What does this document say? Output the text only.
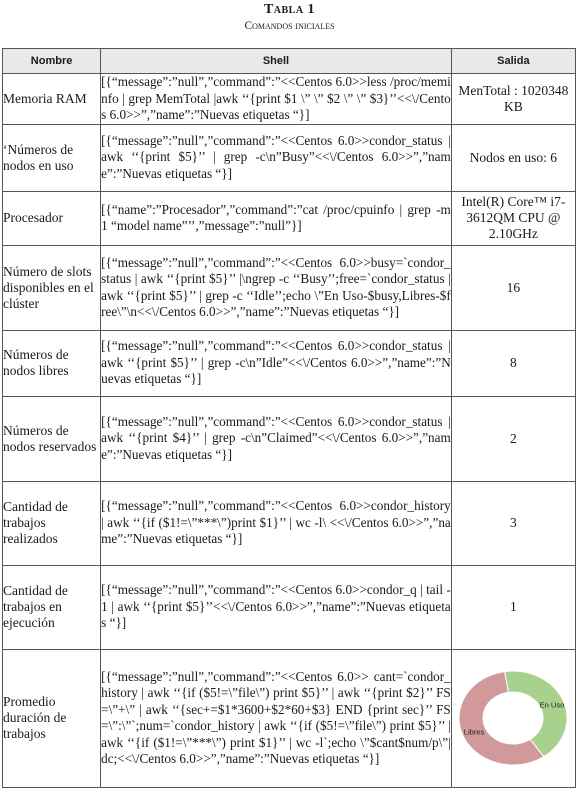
Tabla 1
Comandos iniciales
Nombre	Shell	Salida
Memoria RAM	[{“message”:”null”,”command”:”<<Centos 6.0>>less /proc/meminfo | grep MemTotal |awk ‘‘{print $1 \” \” $2 \” \” $3}’’<<\/Centos 6.0>>”,”name”:”Nuevas etiquetas “}]	MenTotal : 1020348 KB
‘Números de nodos en uso	[{“message”:”null”,”command”:”<<Centos 6.0>>condor_status | awk ‘‘{print $5}’’ | grep -c\n”Busy”<<\/Centos 6.0>>”,”name”:”Nuevas etiquetas “}]	Nodos en uso: 6
Procesador	[{“name”:”Procesador”,”command”:”cat /proc/cpuinfo | grep -m 1 “model name”’’,”message”:”null”}]	Intel(R) Core™ i7-3612QM CPU @ 2.10GHz
Número de slots disponibles en el clúster	[{“message”:”null”,”command”:”<<Centos 6.0>>busy=`condor_status | awk ‘‘{print $5}’’ |\ngrep -c ‘‘Busy’’;free=`condor_status |awk ‘‘{print $5}’’ | grep -c ‘‘Idle’’;echo \”En Uso-$busy,Libres-$free\”\n<<\/Centos 6.0>>”,”name”:”Nuevas etiquetas “}]	16
Números de nodos libres	[{“message”:”null”,”command”:”<<Centos 6.0>>condor_status | awk ‘‘{print $5}’’ | grep -c\n”Idle”<<\/Centos 6.0>>”,”name”:”Nuevas etiquetas “}]	8
Números de nodos reservados	[{“message”:”null”,”command”:”<<Centos 6.0>>condor_status | awk ‘‘{print $4}’’ | grep -c\n”Claimed”<<\/Centos 6.0>>”,”name”:”Nuevas etiquetas “}]	2
Cantidad de trabajos realizados	[{“message”:”null”,”command”:”<<Centos 6.0>>condor_history | awk ‘‘{if ($1!=\”***\”)print $1}’’ | wc -l\ <<\/Centos 6.0>>”,”name”:”Nuevas etiquetas “}]	3
Cantidad de trabajos en ejecución	[{“message”:”null”,”command”:”<<Centos 6.0>>condor_q | tail -1 | awk ‘‘{print $5}’’<<\/Centos 6.0>>”,”name”:”Nuevas etiquetas “}]	1
Promedio duración de trabajos	[{“message”:”null”,”command”:”<<Centos 6.0>> cant=`condor_history | awk ‘‘{if ($5!=\”file\”) print $5}’’ | awk ‘‘{print $2}’’ FS=\”+\” | awk ‘‘{sec+=$1*3600+$2*60+$3} END {print sec}’’ FS=\”:\”`;num=`condor_history | awk ‘‘{if ($5!=\”file\”) print $5}’’ | awk ‘‘{if ($1!=\”***\”) print $1}’’ | wc -l`;echo \”$cant$num/p\”|dc;<<\/Centos 6.0>>”,”name”:”Nuevas etiquetas “}]	En Uso
Libres
